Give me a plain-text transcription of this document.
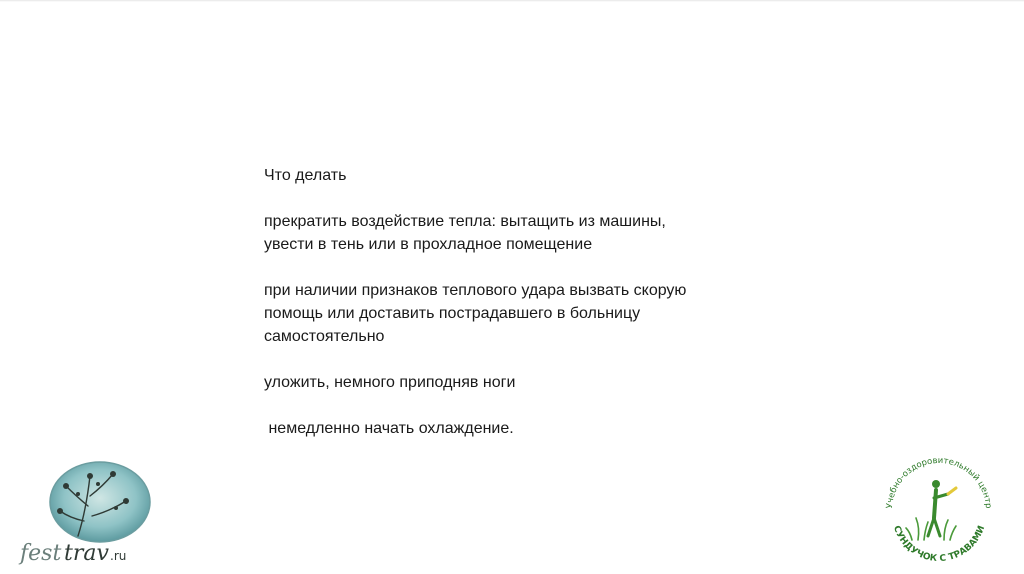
Что делать

прекратить воздействие тепла: вытащить из машины,
увести в тень или в прохладное помещение

при наличии признаков теплового удара вызвать скорую
помощь или доставить пострадавшего в больницу
самостоятельно

уложить, немного приподняв ноги

немедленно начать охлаждение.

fest trav .ru
Учебно-оздоровительный центр
СУНДУЧОК С ТРАВАМИ
